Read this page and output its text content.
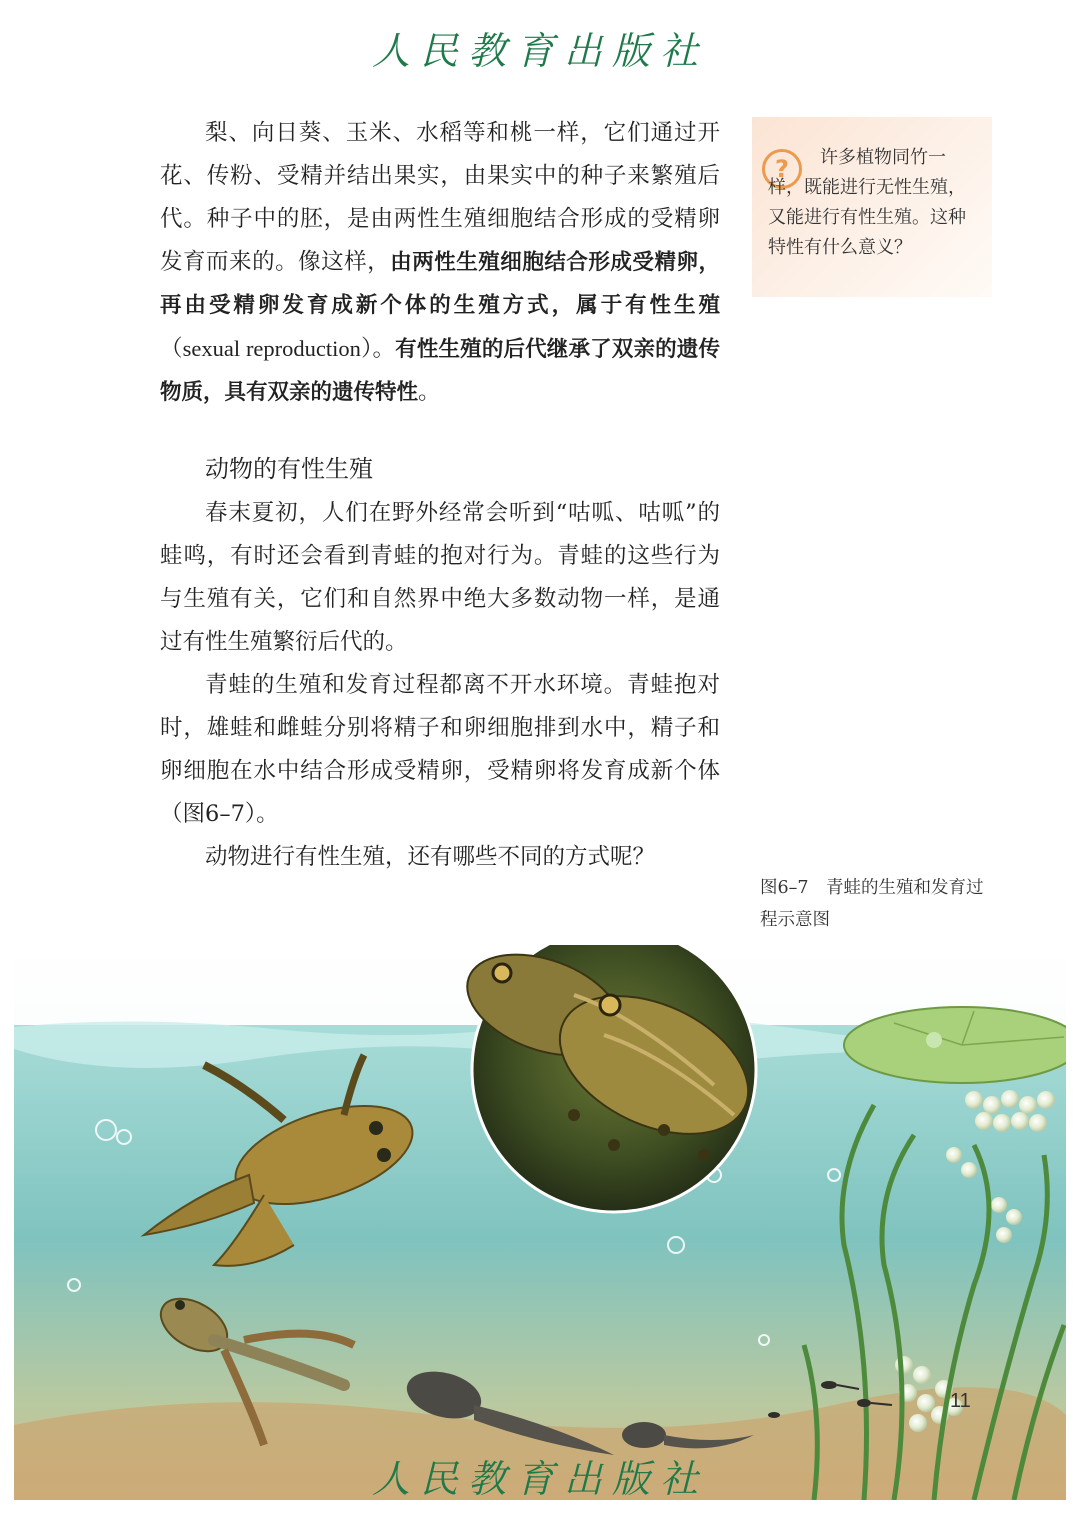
人民教育出版社
梨、向日葵、玉米、水稻等和桃一样，它们通过开花、传粉、受精并结出果实，由果实中的种子来繁殖后代。种子中的胚，是由两性生殖细胞结合形成的受精卵发育而来的。像这样，由两性生殖细胞结合形成受精卵，再由受精卵发育成新个体的生殖方式，属于有性生殖（sexual reproduction）。有性生殖的后代继承了双亲的遗传物质，具有双亲的遗传特性。
?	许多植物同竹一样，既能进行无性生殖，又能进行有性生殖。这种特性有什么意义？
动物的有性生殖
春末夏初，人们在野外经常会听到“咕呱、咕呱”的蛙鸣，有时还会看到青蛙的抱对行为。青蛙的这些行为与生殖有关，它们和自然界中绝大多数动物一样，是通过有性生殖繁衍后代的。
青蛙的生殖和发育过程都离不开水环境。青蛙抱对时，雄蛙和雌蛙分别将精子和卵细胞排到水中，精子和卵细胞在水中结合形成受精卵，受精卵将发育成新个体（图6–7）。
动物进行有性生殖，还有哪些不同的方式呢？
图6–7　青蛙的生殖和发育过程示意图
11
人民教育出版社
